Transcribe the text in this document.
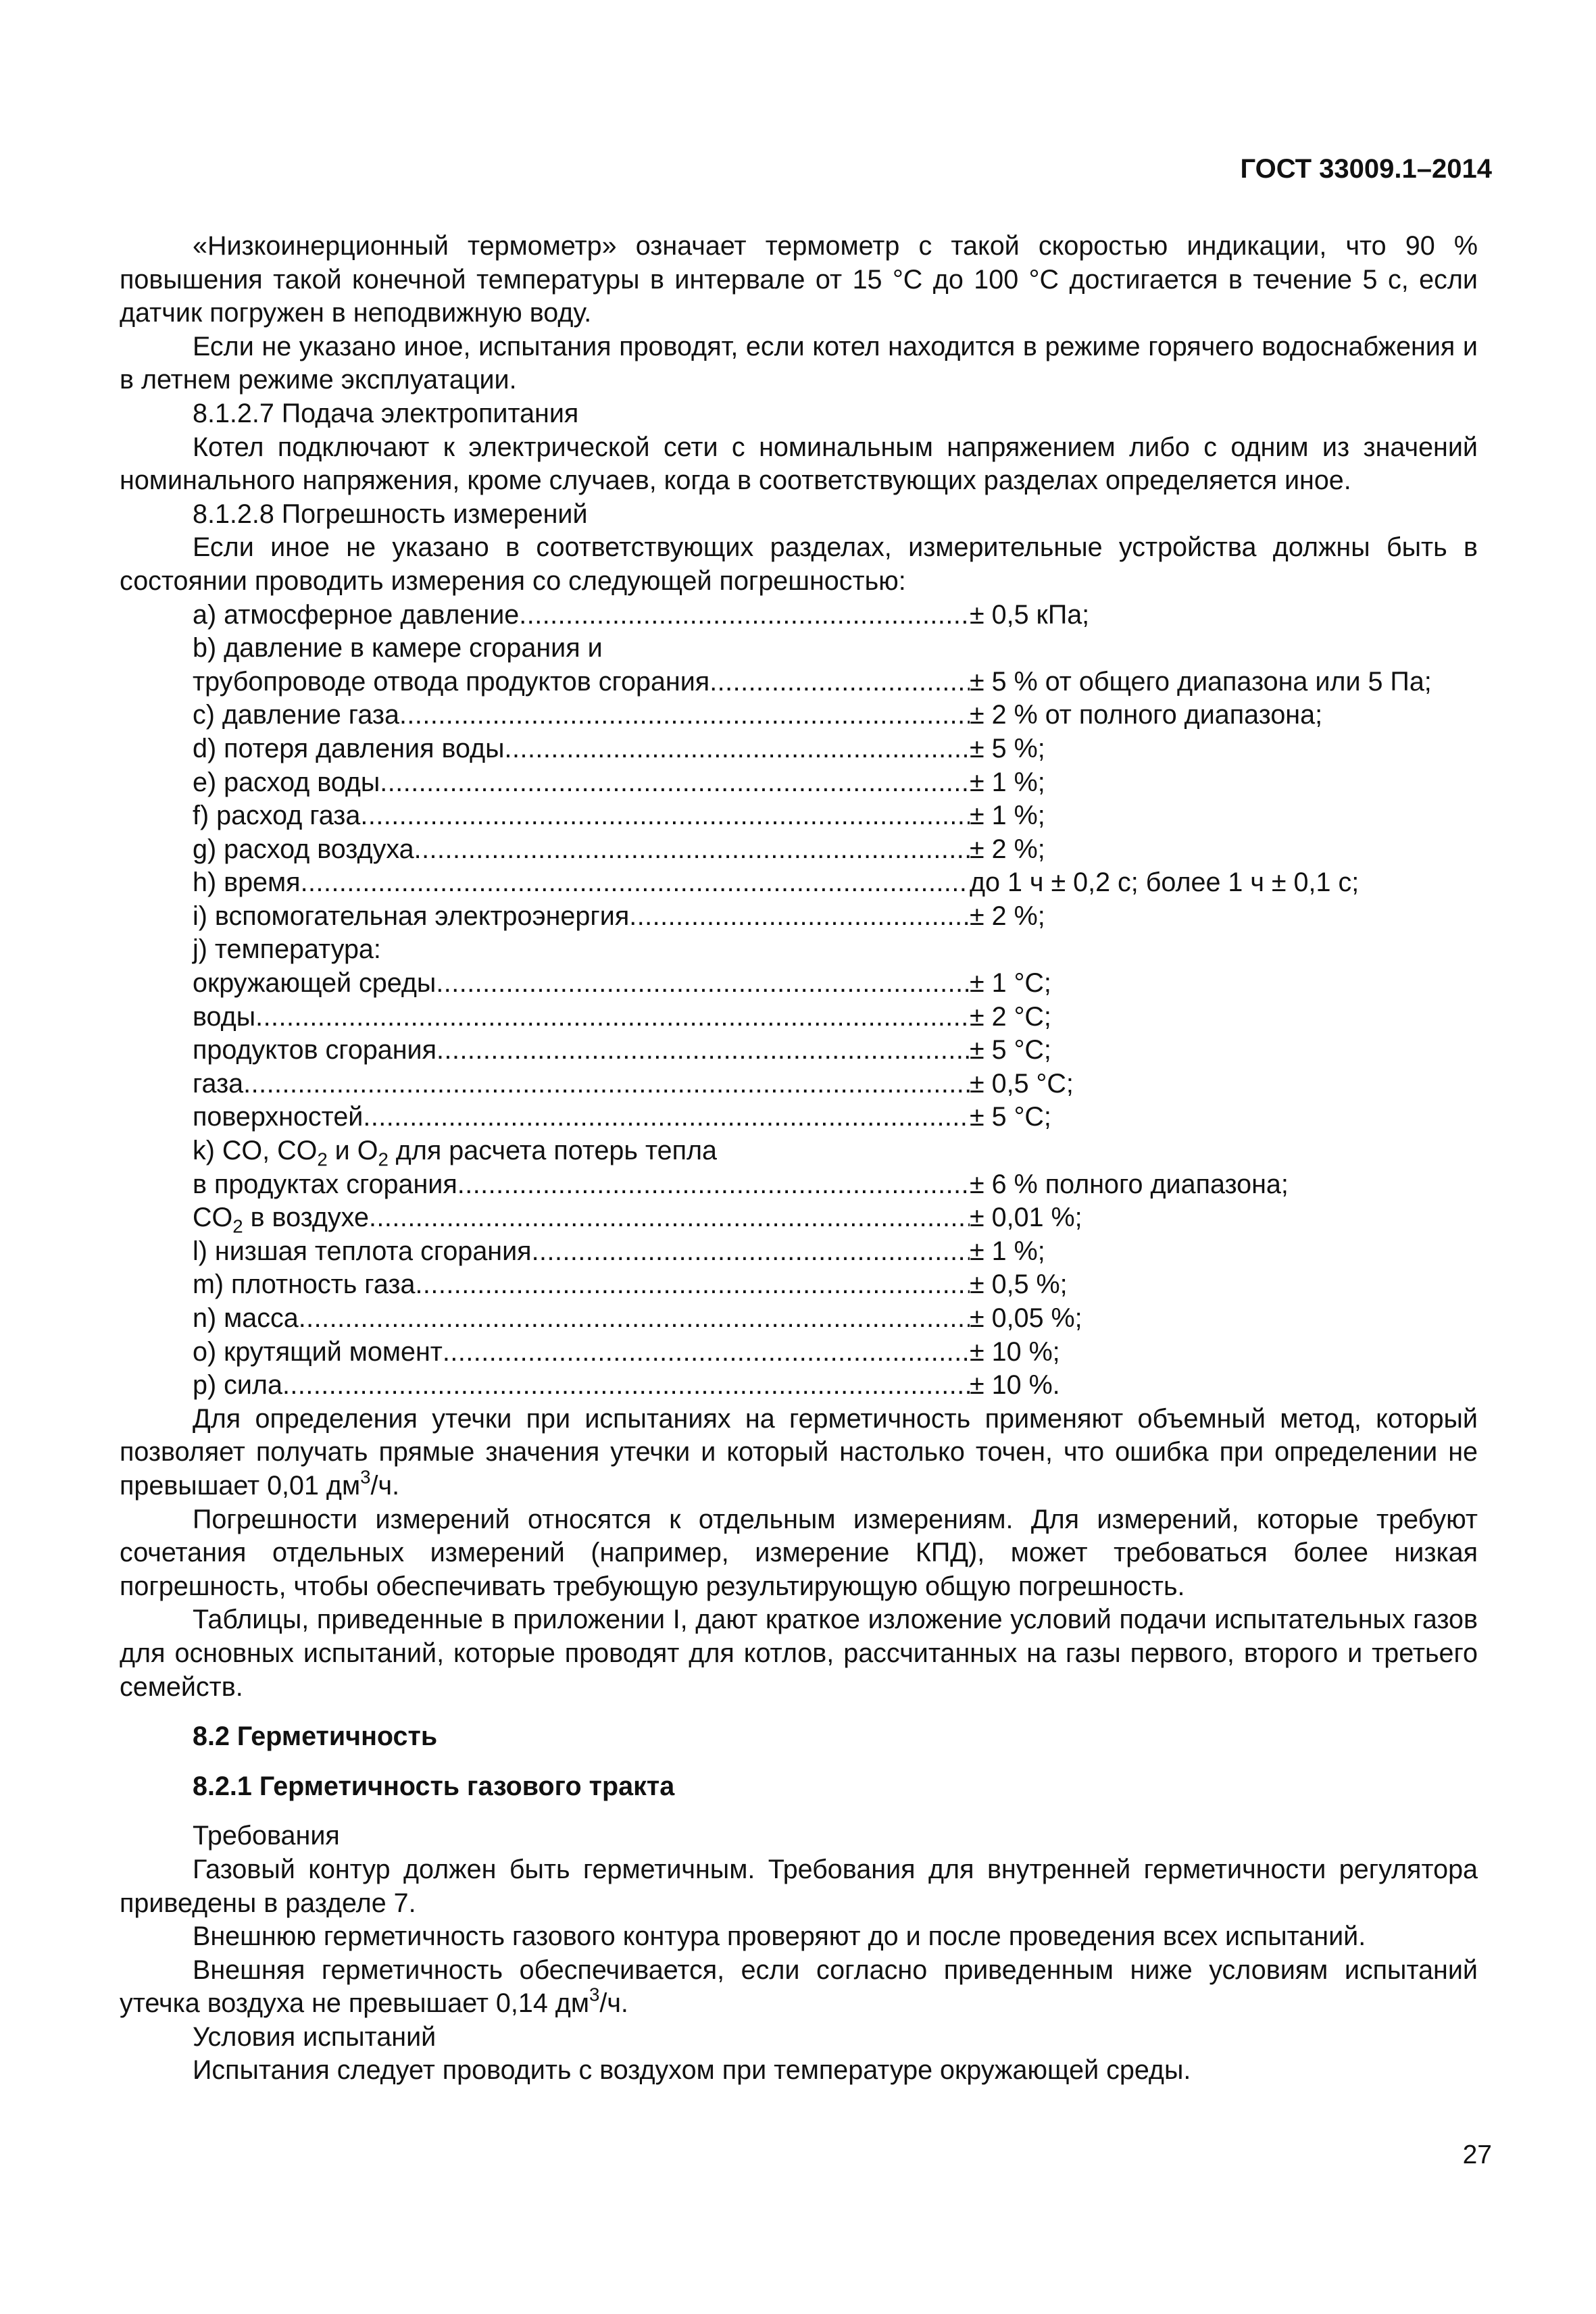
ГОСТ 33009.1–2014

«Низкоинерционный термометр» означает термометр с такой скоростью индикации, что 90 % повышения такой конечной температуры в интервале от 15 °С до 100 °С достигается в течение 5 с, если датчик погружен в неподвижную воду.

Если не указано иное, испытания проводят, если котел находится в режиме горячего водоснабжения и в летнем режиме эксплуатации.

8.1.2.7 Подача электропитания

Котел подключают к электрической сети с номинальным напряжением либо с одним из значений номинального напряжения, кроме случаев, когда в соответствующих разделах определяется иное.

8.1.2.8 Погрешность измерений

Если иное не указано в соответствующих разделах, измерительные устройства должны быть в состоянии проводить измерения со следующей погрешностью:

а) атмосферное давление .....	± 0,5 кПа;

b) давление в камере сгорания и

трубопроводе отвода продуктов сгорания .....	± 5 % от общего диапазона или 5 Па;
с) давление газа .....	± 2 % от полного диапазона;
d) потеря давления воды .....	± 5 %;
е) расход воды .....	± 1 %;
f) расход газа .....	± 1 %;
g) расход воздуха .....	± 2 %;
h) время .....	до 1 ч ± 0,2 с; более 1 ч ± 0,1 с;
i) вспомогательная электроэнергия .....	± 2 %;

j) температура:

окружающей среды .....	± 1 °С;
воды .....	± 2 °С;
продуктов сгорания .....	± 5 °С;
газа .....	± 0,5 °С;
поверхностей .....	± 5 °С;

k) CO, $CO_2$ и $O_2$ для расчета потерь тепла

в продуктах сгорания .....	± 6 % полного диапазона;
$CO_2$ в воздухе .....	± 0,01 %;
l) низшая теплота сгорания .....	± 1 %;
m) плотность газа .....	± 0,5 %;
n) масса .....	± 0,05 %;
о) крутящий момент .....	± 10 %;
р) сила .....	± 10 %.

Для определения утечки при испытаниях на герметичность применяют объемный метод, который позволяет получать прямые значения утечки и который настолько точен, что ошибка при определении не превышает 0,01 $дм^3/ч$.

Погрешности измерений относятся к отдельным измерениям. Для измерений, которые требуют сочетания отдельных измерений (например, измерение КПД), может требоваться более низкая погрешность, чтобы обеспечивать требующую результирующую общую погрешность.

Таблицы, приведенные в приложении I, дают краткое изложение условий подачи испытательных газов для основных испытаний, которые проводят для котлов, рассчитанных на газы первого, второго и третьего семейств.

8.2 Герметичность

8.2.1 Герметичность газового тракта

Требования

Газовый контур должен быть герметичным. Требования для внутренней герметичности регулятора приведены в разделе 7.

Внешнюю герметичность газового контура проверяют до и после проведения всех испытаний.

Внешняя герметичность обеспечивается, если согласно приведенным ниже условиям испытаний утечка воздуха не превышает 0,14 $дм^3/ч$.

Условия испытаний

Испытания следует проводить с воздухом при температуре окружающей среды.

27
